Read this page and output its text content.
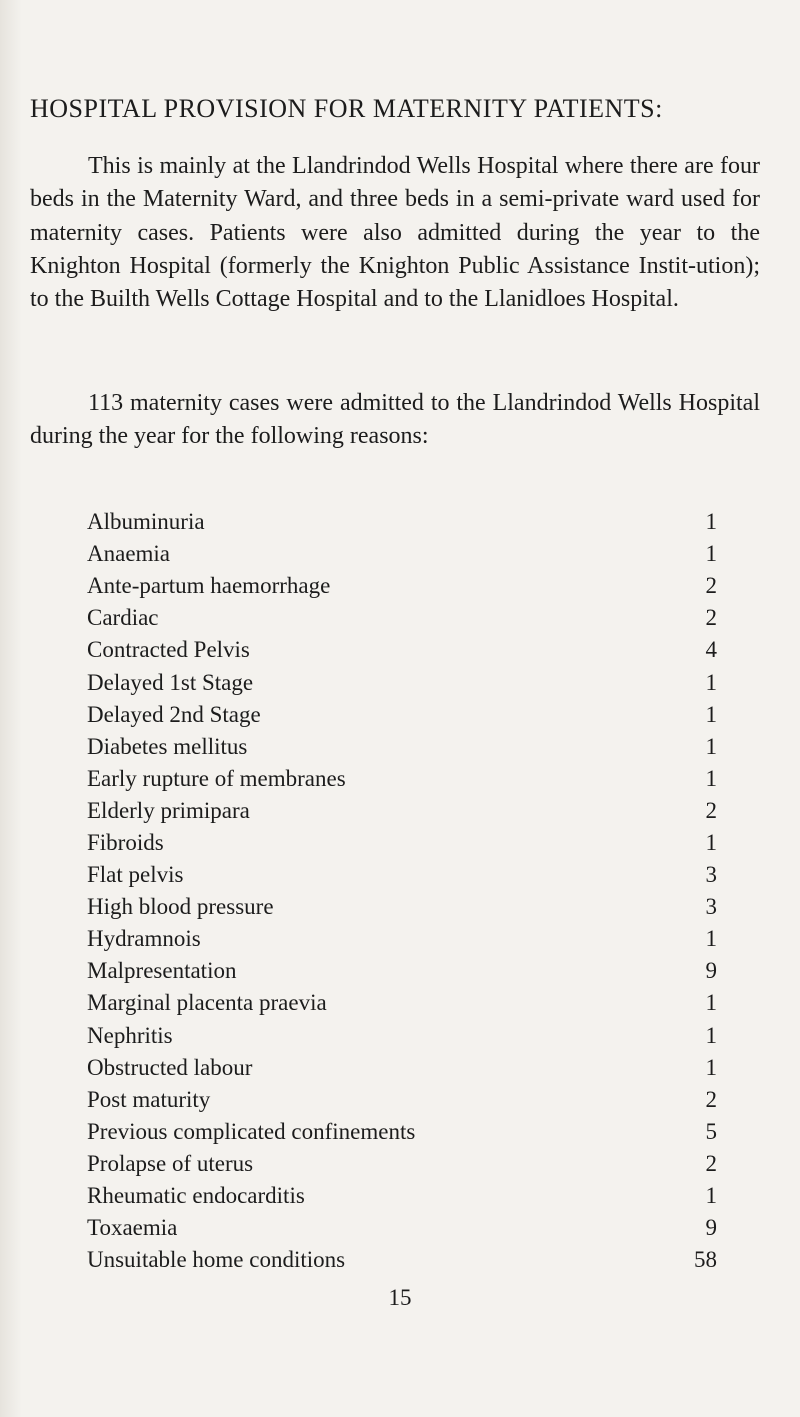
HOSPITAL PROVISION FOR MATERNITY PATIENTS:

This is mainly at the Llandrindod Wells Hospital where there are four beds in the Maternity Ward, and three beds in a semi-private ward used for maternity cases. Patients were also admitted during the year to the Knighton Hospital (formerly the Knighton Public Assistance Instit-ution); to the Builth Wells Cottage Hospital and to the Llanidloes Hospital.

113 maternity cases were admitted to the Llandrindod Wells Hospital during the year for the following reasons:

Albuminuria	1
Anaemia	1
Ante-partum haemorrhage	2
Cardiac	2
Contracted Pelvis	4
Delayed 1st Stage	1
Delayed 2nd Stage	1
Diabetes mellitus	1
Early rupture of membranes	1
Elderly primipara	2
Fibroids	1
Flat pelvis	3
High blood pressure	3
Hydramnois	1
Malpresentation	9
Marginal placenta praevia	1
Nephritis	1
Obstructed labour	1
Post maturity	2
Previous complicated confinements	5
Prolapse of uterus	2
Rheumatic endocarditis	1
Toxaemia	9
Unsuitable home conditions	58
15
